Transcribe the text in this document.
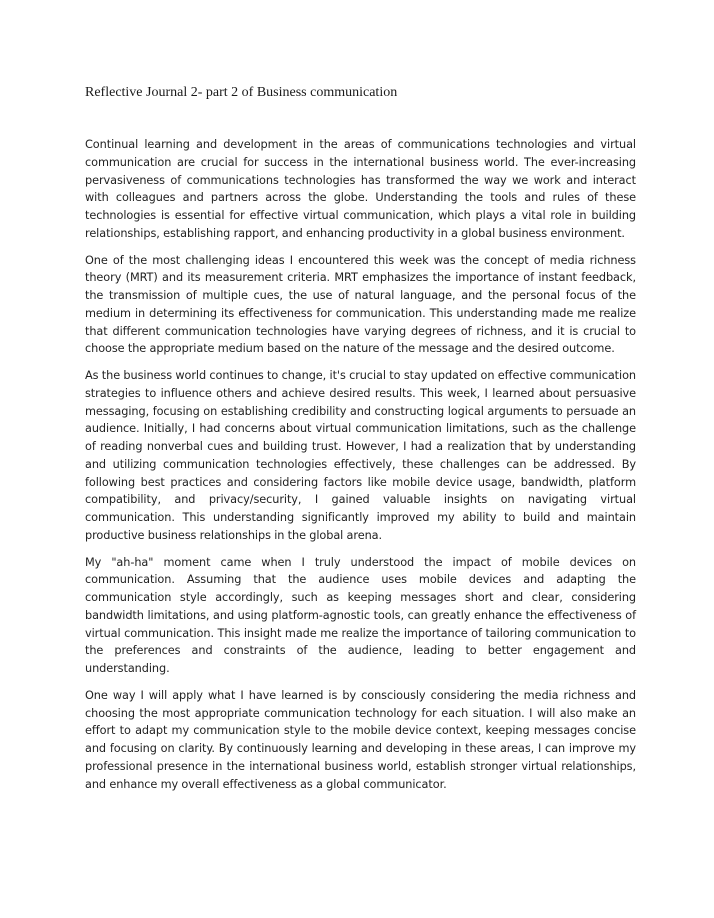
Reflective Journal 2- part 2 of Business communication

Continual learning and development in the areas of communications technologies and virtual communication are crucial for success in the international business world. The ever-increasing pervasiveness of communications technologies has transformed the way we work and interact with colleagues and partners across the globe. Understanding the tools and rules of these technologies is essential for effective virtual communication, which plays a vital role in building relationships, establishing rapport, and enhancing productivity in a global business environment.

One of the most challenging ideas I encountered this week was the concept of media richness theory (MRT) and its measurement criteria. MRT emphasizes the importance of instant feedback, the transmission of multiple cues, the use of natural language, and the personal focus of the medium in determining its effectiveness for communication. This understanding made me realize that different communication technologies have varying degrees of richness, and it is crucial to choose the appropriate medium based on the nature of the message and the desired outcome.

As the business world continues to change, it's crucial to stay updated on effective communication strategies to influence others and achieve desired results. This week, I learned about persuasive messaging, focusing on establishing credibility and constructing logical arguments to persuade an audience. Initially, I had concerns about virtual communication limitations, such as the challenge of reading nonverbal cues and building trust. However, I had a realization that by understanding and utilizing communication technologies effectively, these challenges can be addressed. By following best practices and considering factors like mobile device usage, bandwidth, platform compatibility, and privacy/security, I gained valuable insights on navigating virtual communication. This understanding significantly improved my ability to build and maintain productive business relationships in the global arena.

My "ah-ha" moment came when I truly understood the impact of mobile devices on communication. Assuming that the audience uses mobile devices and adapting the communication style accordingly, such as keeping messages short and clear, considering bandwidth limitations, and using platform-agnostic tools, can greatly enhance the effectiveness of virtual communication. This insight made me realize the importance of tailoring communication to the preferences and constraints of the audience, leading to better engagement and understanding.

One way I will apply what I have learned is by consciously considering the media richness and choosing the most appropriate communication technology for each situation. I will also make an effort to adapt my communication style to the mobile device context, keeping messages concise and focusing on clarity. By continuously learning and developing in these areas, I can improve my professional presence in the international business world, establish stronger virtual relationships, and enhance my overall effectiveness as a global communicator.
